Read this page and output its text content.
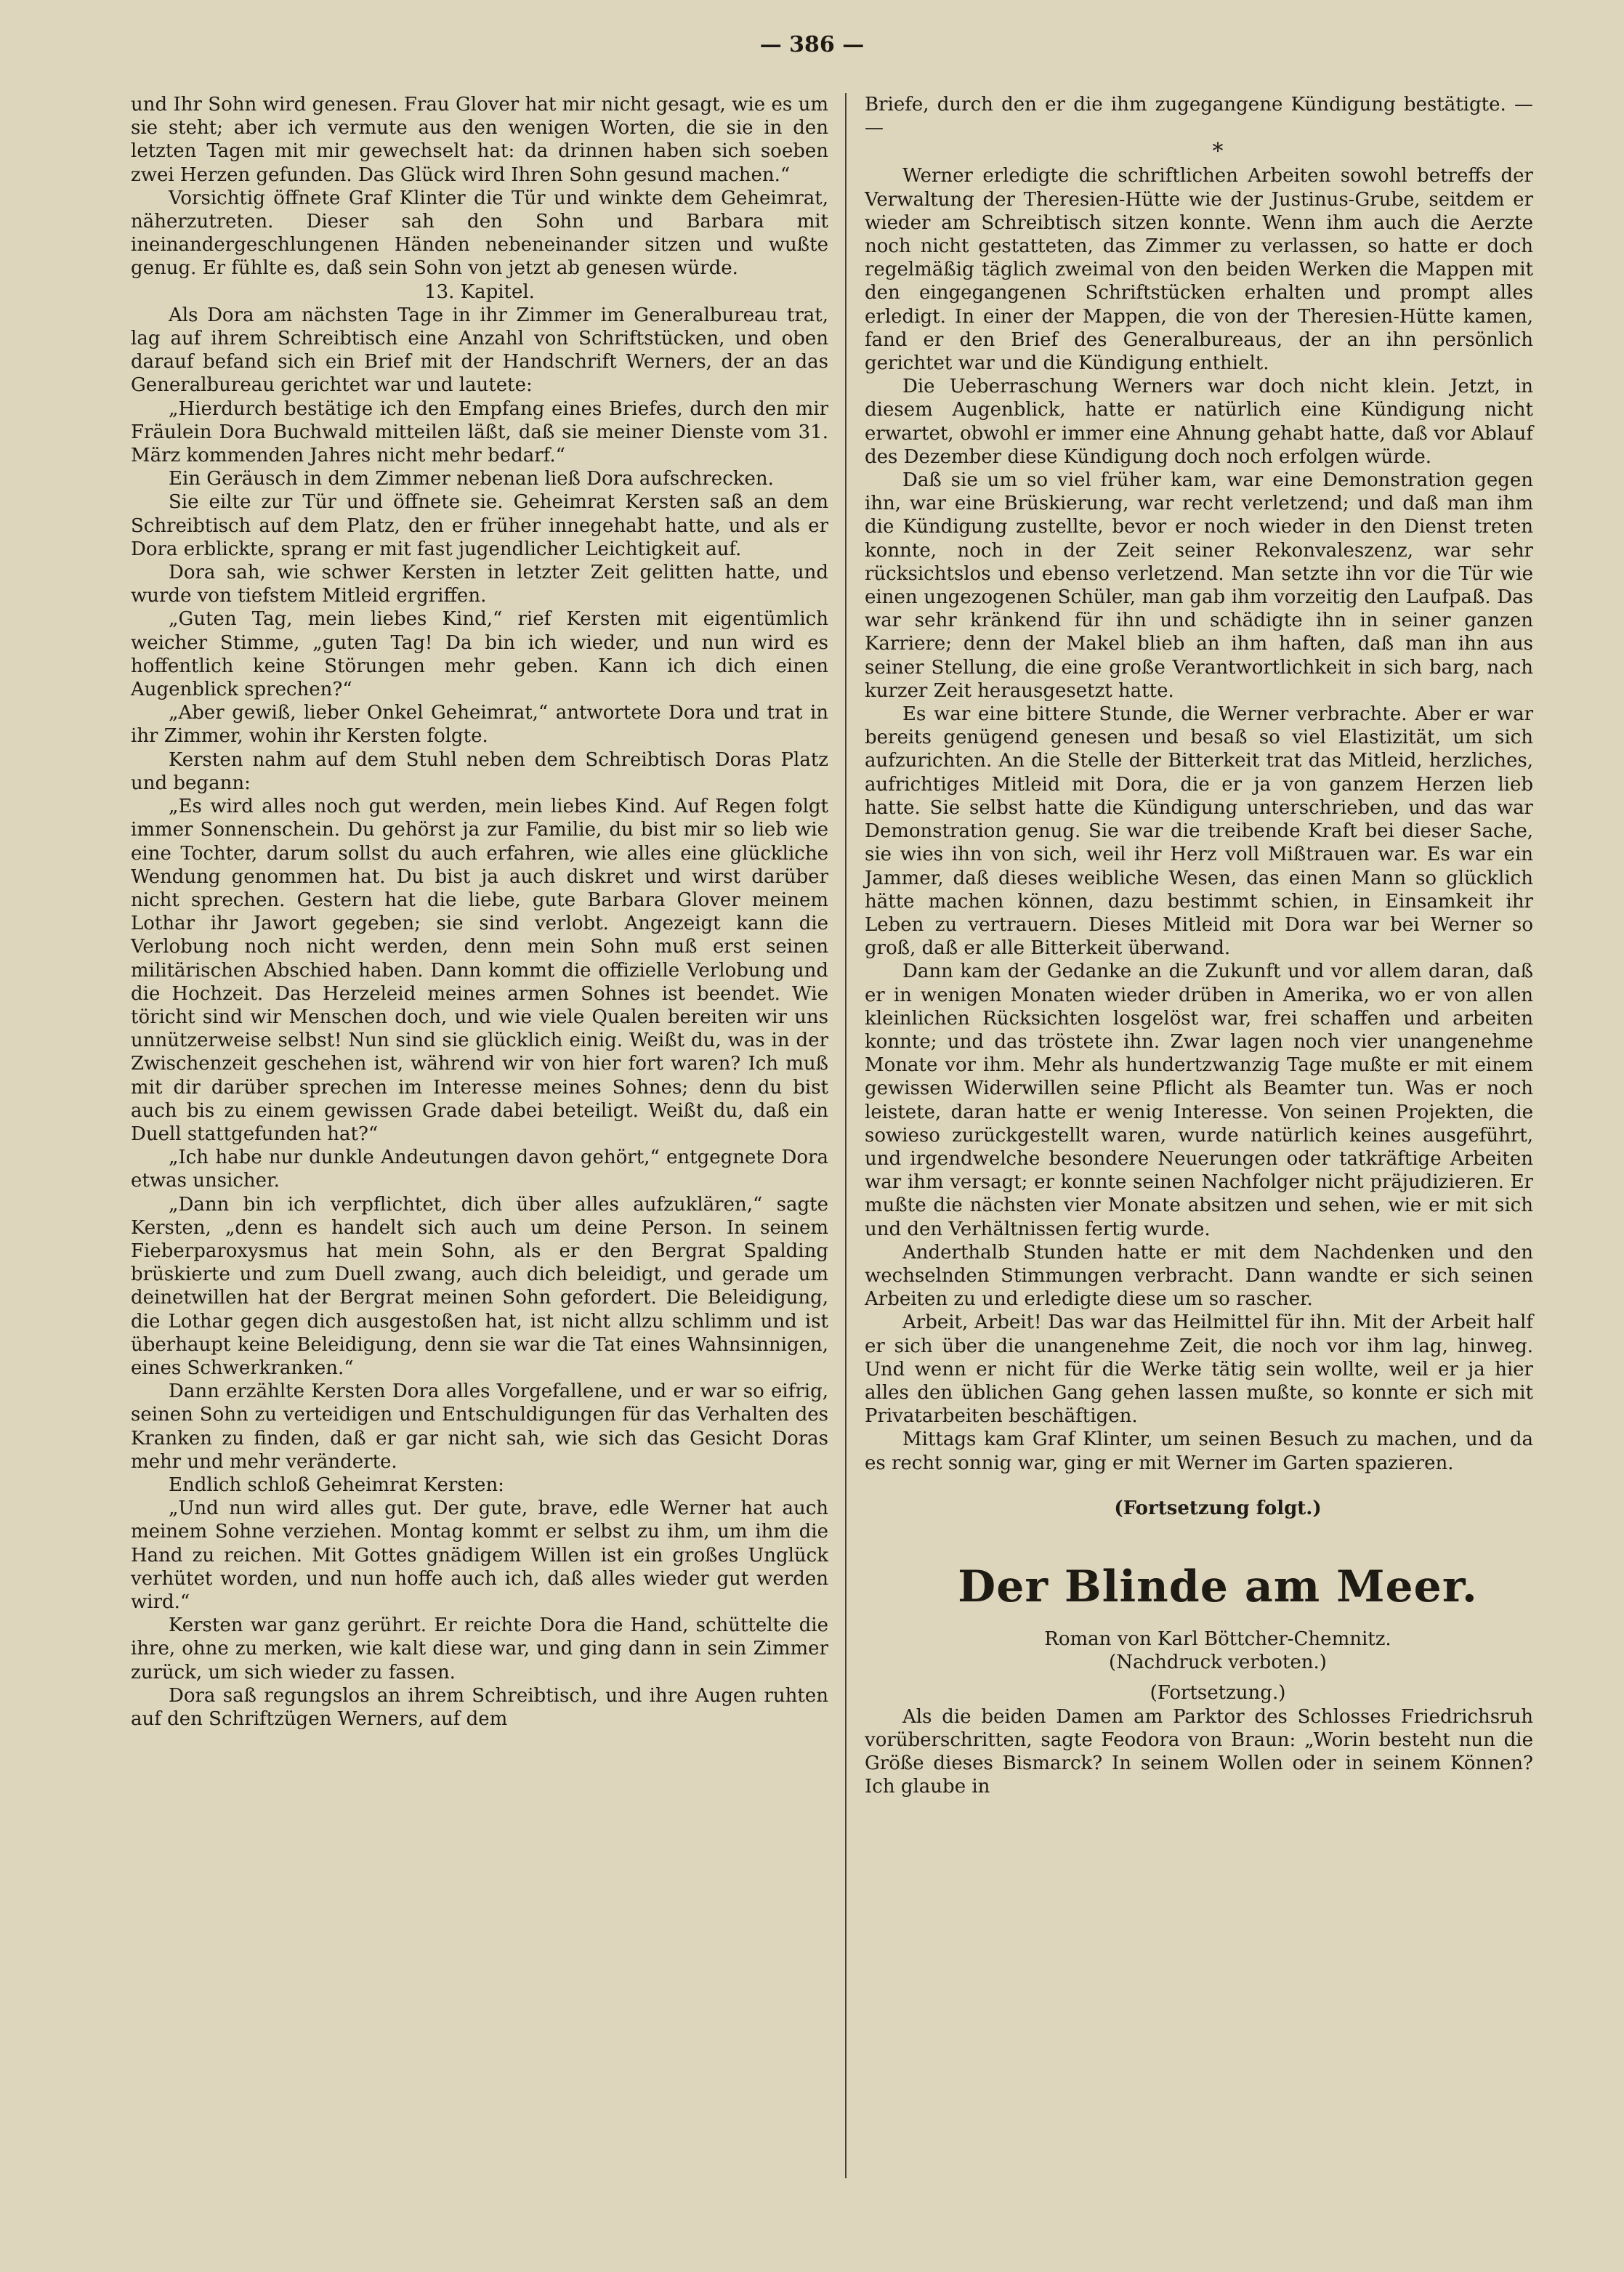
— 386 —

und Ihr Sohn wird genesen. Frau Glover hat mir nicht gesagt, wie es um sie steht; aber ich vermute aus den wenigen Worten, die sie in den letzten Tagen mit mir gewechselt hat: da drinnen haben sich soeben zwei Herzen gefunden. Das Glück wird Ihren Sohn gesund machen.“

Vorsichtig öffnete Graf Klinter die Tür und winkte dem Geheimrat, näherzutreten. Dieser sah den Sohn und Barbara mit ineinandergeschlungenen Händen nebeneinander sitzen und wußte genug. Er fühlte es, daß sein Sohn von jetzt ab genesen würde.

13. Kapitel.

Als Dora am nächsten Tage in ihr Zimmer im Generalbureau trat, lag auf ihrem Schreibtisch eine Anzahl von Schriftstücken, und oben darauf befand sich ein Brief mit der Handschrift Werners, der an das Generalbureau gerichtet war und lautete:

„Hierdurch bestätige ich den Empfang eines Briefes, durch den mir Fräulein Dora Buchwald mitteilen läßt, daß sie meiner Dienste vom 31. März kommenden Jahres nicht mehr bedarf.“

Ein Geräusch in dem Zimmer nebenan ließ Dora aufschrecken.

Sie eilte zur Tür und öffnete sie. Geheimrat Kersten saß an dem Schreibtisch auf dem Platz, den er früher innegehabt hatte, und als er Dora erblickte, sprang er mit fast jugendlicher Leichtigkeit auf.

Dora sah, wie schwer Kersten in letzter Zeit gelitten hatte, und wurde von tiefstem Mitleid ergriffen.

„Guten Tag, mein liebes Kind,“ rief Kersten mit eigentümlich weicher Stimme, „guten Tag! Da bin ich wieder, und nun wird es hoffentlich keine Störungen mehr geben. Kann ich dich einen Augenblick sprechen?“

„Aber gewiß, lieber Onkel Geheimrat,“ antwortete Dora und trat in ihr Zimmer, wohin ihr Kersten folgte.

Kersten nahm auf dem Stuhl neben dem Schreibtisch Doras Platz und begann:

„Es wird alles noch gut werden, mein liebes Kind. Auf Regen folgt immer Sonnenschein. Du gehörst ja zur Familie, du bist mir so lieb wie eine Tochter, darum sollst du auch erfahren, wie alles eine glückliche Wendung genommen hat. Du bist ja auch diskret und wirst darüber nicht sprechen. Gestern hat die liebe, gute Barbara Glover meinem Lothar ihr Jawort gegeben; sie sind verlobt. Angezeigt kann die Verlobung noch nicht werden, denn mein Sohn muß erst seinen militärischen Abschied haben. Dann kommt die offizielle Verlobung und die Hochzeit. Das Herzeleid meines armen Sohnes ist beendet. Wie töricht sind wir Menschen doch, und wie viele Qualen bereiten wir uns unnützerweise selbst! Nun sind sie glücklich einig. Weißt du, was in der Zwischenzeit geschehen ist, während wir von hier fort waren? Ich muß mit dir darüber sprechen im Interesse meines Sohnes; denn du bist auch bis zu einem gewissen Grade dabei beteiligt. Weißt du, daß ein Duell stattgefunden hat?“

„Ich habe nur dunkle Andeutungen davon gehört,“ entgegnete Dora etwas unsicher.

„Dann bin ich verpflichtet, dich über alles aufzuklären,“ sagte Kersten, „denn es handelt sich auch um deine Person. In seinem Fieberparoxysmus hat mein Sohn, als er den Bergrat Spalding brüskierte und zum Duell zwang, auch dich beleidigt, und gerade um deinetwillen hat der Bergrat meinen Sohn gefordert. Die Beleidigung, die Lothar gegen dich ausgestoßen hat, ist nicht allzu schlimm und ist überhaupt keine Beleidigung, denn sie war die Tat eines Wahnsinnigen, eines Schwerkranken.“

Dann erzählte Kersten Dora alles Vorgefallene, und er war so eifrig, seinen Sohn zu verteidigen und Entschuldigungen für das Verhalten des Kranken zu finden, daß er gar nicht sah, wie sich das Gesicht Doras mehr und mehr veränderte.

Endlich schloß Geheimrat Kersten:

„Und nun wird alles gut. Der gute, brave, edle Werner hat auch meinem Sohne verziehen. Montag kommt er selbst zu ihm, um ihm die Hand zu reichen. Mit Gottes gnädigem Willen ist ein großes Unglück verhütet worden, und nun hoffe auch ich, daß alles wieder gut werden wird.“

Kersten war ganz gerührt. Er reichte Dora die Hand, schüttelte die ihre, ohne zu merken, wie kalt diese war, und ging dann in sein Zimmer zurück, um sich wieder zu fassen.

Dora saß regungslos an ihrem Schreibtisch, und ihre Augen ruhten auf den Schriftzügen Werners, auf dem

Briefe, durch den er die ihm zugegangene Kündigung bestätigte. — —

*

Werner erledigte die schriftlichen Arbeiten sowohl betreffs der Verwaltung der Theresien-Hütte wie der Justinus-Grube, seitdem er wieder am Schreibtisch sitzen konnte. Wenn ihm auch die Aerzte noch nicht gestatteten, das Zimmer zu verlassen, so hatte er doch regelmäßig täglich zweimal von den beiden Werken die Mappen mit den eingegangenen Schriftstücken erhalten und prompt alles erledigt. In einer der Mappen, die von der Theresien-Hütte kamen, fand er den Brief des Generalbureaus, der an ihn persönlich gerichtet war und die Kündigung enthielt.

Die Ueberraschung Werners war doch nicht klein. Jetzt, in diesem Augenblick, hatte er natürlich eine Kündigung nicht erwartet, obwohl er immer eine Ahnung gehabt hatte, daß vor Ablauf des Dezember diese Kündigung doch noch erfolgen würde.

Daß sie um so viel früher kam, war eine Demonstration gegen ihn, war eine Brüskierung, war recht verletzend; und daß man ihm die Kündigung zustellte, bevor er noch wieder in den Dienst treten konnte, noch in der Zeit seiner Rekonvaleszenz, war sehr rücksichtslos und ebenso verletzend. Man setzte ihn vor die Tür wie einen ungezogenen Schüler, man gab ihm vorzeitig den Laufpaß. Das war sehr kränkend für ihn und schädigte ihn in seiner ganzen Karriere; denn der Makel blieb an ihm haften, daß man ihn aus seiner Stellung, die eine große Verantwortlichkeit in sich barg, nach kurzer Zeit herausgesetzt hatte.

Es war eine bittere Stunde, die Werner verbrachte. Aber er war bereits genügend genesen und besaß so viel Elastizität, um sich aufzurichten. An die Stelle der Bitterkeit trat das Mitleid, herzliches, aufrichtiges Mitleid mit Dora, die er ja von ganzem Herzen lieb hatte. Sie selbst hatte die Kündigung unterschrieben, und das war Demonstration genug. Sie war die treibende Kraft bei dieser Sache, sie wies ihn von sich, weil ihr Herz voll Mißtrauen war. Es war ein Jammer, daß dieses weibliche Wesen, das einen Mann so glücklich hätte machen können, dazu bestimmt schien, in Einsamkeit ihr Leben zu vertrauern. Dieses Mitleid mit Dora war bei Werner so groß, daß er alle Bitterkeit überwand.

Dann kam der Gedanke an die Zukunft und vor allem daran, daß er in wenigen Monaten wieder drüben in Amerika, wo er von allen kleinlichen Rücksichten losgelöst war, frei schaffen und arbeiten konnte; und das tröstete ihn. Zwar lagen noch vier unangenehme Monate vor ihm. Mehr als hundertzwanzig Tage mußte er mit einem gewissen Widerwillen seine Pflicht als Beamter tun. Was er noch leistete, daran hatte er wenig Interesse. Von seinen Projekten, die sowieso zurückgestellt waren, wurde natürlich keines ausgeführt, und irgendwelche besondere Neuerungen oder tatkräftige Arbeiten war ihm versagt; er konnte seinen Nachfolger nicht präjudizieren. Er mußte die nächsten vier Monate absitzen und sehen, wie er mit sich und den Verhältnissen fertig wurde.

Anderthalb Stunden hatte er mit dem Nachdenken und den wechselnden Stimmungen verbracht. Dann wandte er sich seinen Arbeiten zu und erledigte diese um so rascher.

Arbeit, Arbeit! Das war das Heilmittel für ihn. Mit der Arbeit half er sich über die unangenehme Zeit, die noch vor ihm lag, hinweg. Und wenn er nicht für die Werke tätig sein wollte, weil er ja hier alles den üblichen Gang gehen lassen mußte, so konnte er sich mit Privatarbeiten beschäftigen.

Mittags kam Graf Klinter, um seinen Besuch zu machen, und da es recht sonnig war, ging er mit Werner im Garten spazieren.

(Fortsetzung folgt.)

Der Blinde am Meer.

Roman von Karl Böttcher-Chemnitz.

(Nachdruck verboten.)

(Fortsetzung.)

Als die beiden Damen am Parktor des Schlosses Friedrichsruh vorüberschritten, sagte Feodora von Braun: „Worin besteht nun die Größe dieses Bismarck? In seinem Wollen oder in seinem Können? Ich glaube in
